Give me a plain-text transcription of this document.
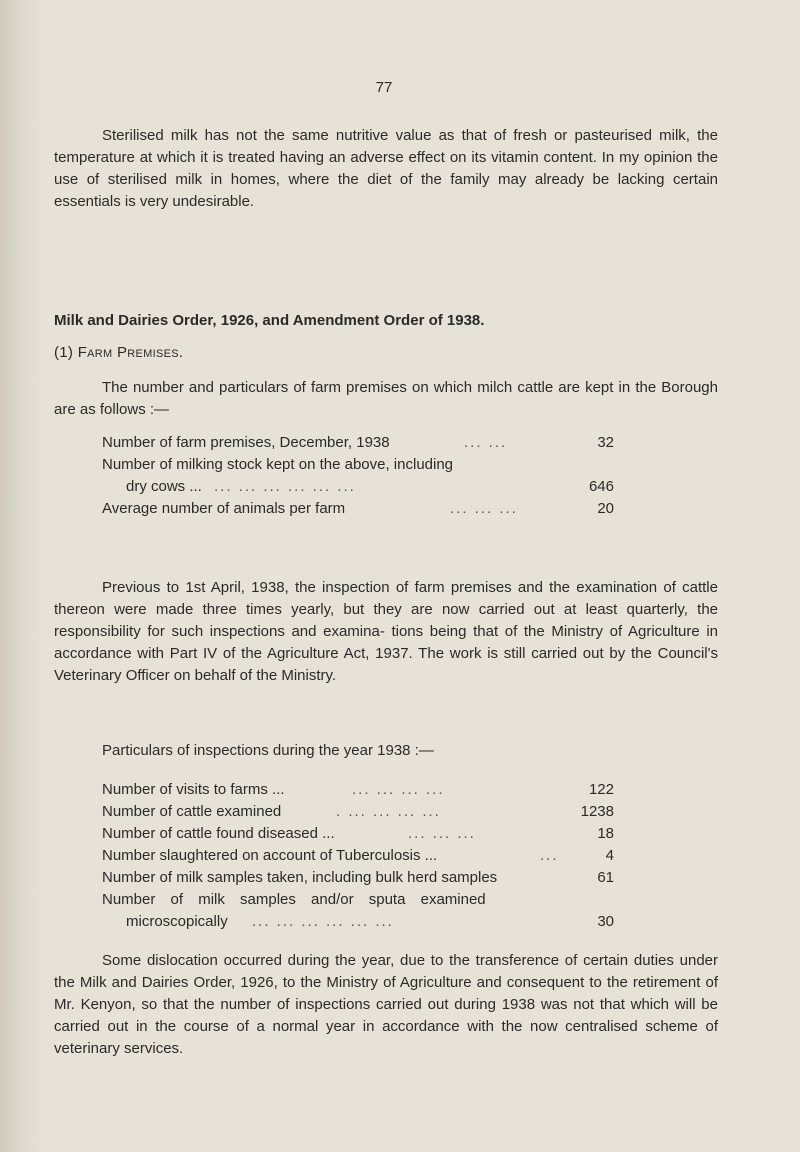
77

Sterilised milk has not the same nutritive value as that of fresh or pasteurised milk, the temperature at which it is treated having an adverse effect on its vitamin content. In my opinion the use of sterilised milk in homes, where the diet of the family may already be lacking certain essentials is very undesirable.

Milk and Dairies Order, 1926, and Amendment Order of 1938.
(1) Farm Premises.

The number and particulars of farm premises on which milch cattle are kept in the Borough are as follows :—

Number of farm premises, December, 1938	... ...	32
Number of milking stock kept on the above, including
dry cows ... ... ... ... ... ... ...	646
Average number of animals per farm	... ... ...	20

Previous to 1st April, 1938, the inspection of farm premises and the examination of cattle thereon were made three times yearly, but they are now carried out at least quarterly, the responsibility for such inspections and examina- tions being that of the Ministry of Agriculture in accordance with Part IV of the Agriculture Act, 1937. The work is still carried out by the Council's Veterinary Officer on behalf of the Ministry.

Particulars of inspections during the year 1938 :—
Number of visits to farms ...	... ... ... ...	122
Number of cattle examined	. ... ... ... ...	1238
Number of cattle found diseased ...	... ... ...	18
Number slaughtered on account of Tuberculosis ...	...	4
Number of milk samples taken, including bulk herd samples	61
Number of milk samples and/or sputa examined
microscopically ... ... ... ... ... ...	30

Some dislocation occurred during the year, due to the transference of certain duties under the Milk and Dairies Order, 1926, to the Ministry of Agriculture and consequent to the retirement of Mr. Kenyon, so that the number of inspections carried out during 1938 was not that which will be carried out in the course of a normal year in accordance with the now centralised scheme of veterinary services.
